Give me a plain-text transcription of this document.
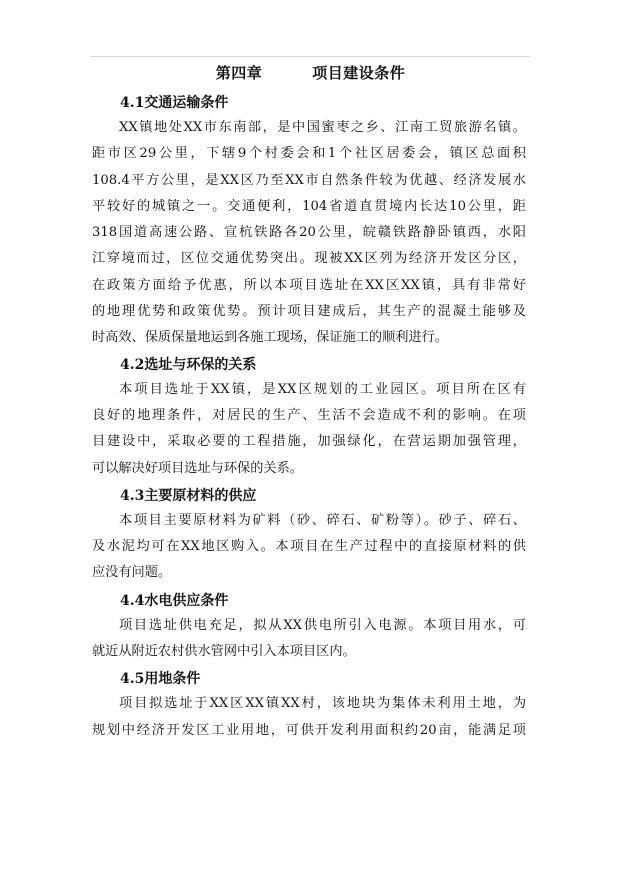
第四章	项目建设条件
4.1交通运输条件
XX镇地处XX市东南部，是中国蜜枣之乡、江南工贸旅游名镇。
距市区29公里，下辖9个村委会和1个社区居委会，镇区总面积
108.4平方公里，是XX区乃至XX市自然条件较为优越、经济发展水
平较好的城镇之一。交通便利，104省道直贯境内长达10公里，距
318国道高速公路、宣杭铁路各20公里，皖赣铁路静卧镇西，水阳
江穿境而过，区位交通优势突出。现被XX区列为经济开发区分区，
在政策方面给予优惠，所以本项目选址在XX区XX镇，具有非常好
的地理优势和政策优势。预计项目建成后，其生产的混凝土能够及
时高效、保质保量地运到各施工现场，保证施工的顺利进行。
4.2选址与环保的关系
本项目选址于XX镇，是XX区规划的工业园区。项目所在区有
良好的地理条件，对居民的生产、生活不会造成不利的影响。在项
目建设中，采取必要的工程措施，加强绿化，在营运期加强管理，
可以解决好项目选址与环保的关系。
4.3主要原材料的供应
本项目主要原材料为矿料（砂、碎石、矿粉等）。砂子、碎石、
及水泥均可在XX地区购入。本项目在生产过程中的直接原材料的供
应没有问题。
4.4水电供应条件
项目选址供电充足，拟从XX供电所引入电源。本项目用水，可
就近从附近农村供水管网中引入本项目区内。
4.5用地条件
项目拟选址于XX区XX镇XX村，该地块为集体未利用土地，为
规划中经济开发区工业用地，可供开发利用面积约20亩，能满足项
